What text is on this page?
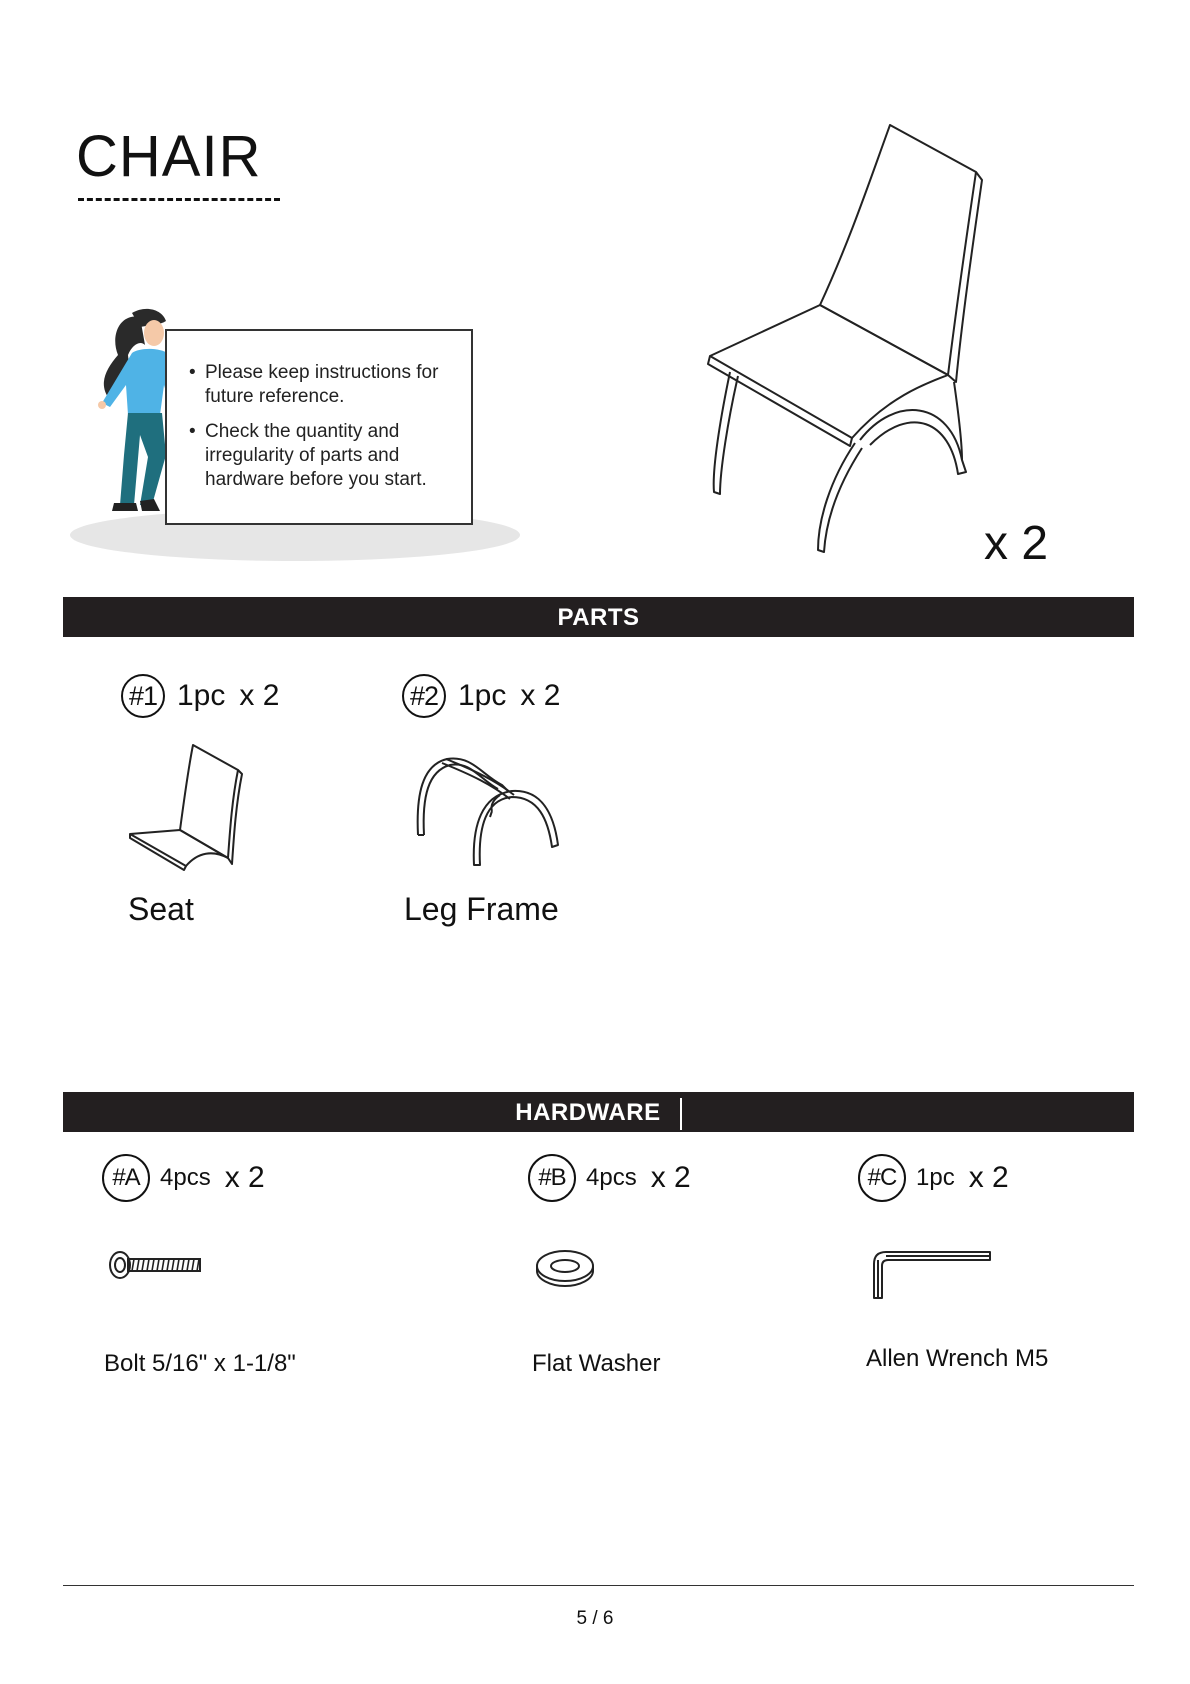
CHAIR
• Please keep instructions for future reference.
• Check the quantity and irregularity of parts and hardware before you start.
x 2
PARTS
#1 1pc x 2
Seat
#2 1pc x 2
Leg Frame
HARDWARE
#A 4pcs x 2
Bolt 5/16" x 1-1/8"
#B 4pcs x 2
Flat Washer
#C 1pc x 2
Allen Wrench M5
5 / 6
